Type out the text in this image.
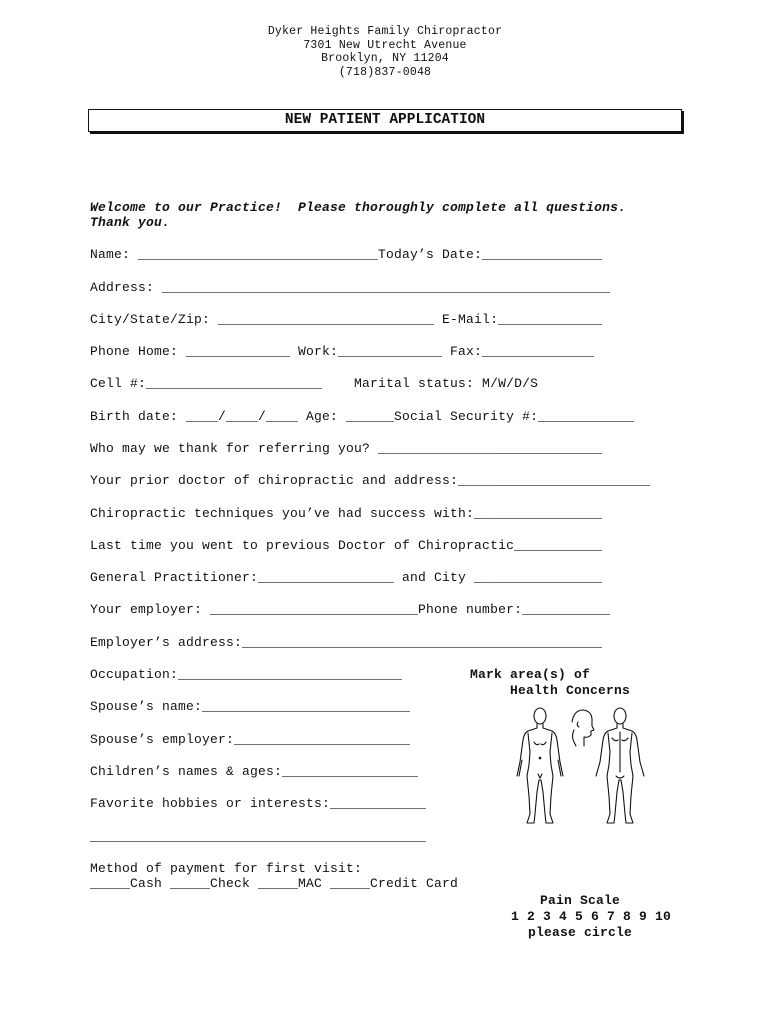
Dyker Heights Family Chiropractor
7301 New Utrecht Avenue
Brooklyn, NY 11204
(718)837-0048
NEW PATIENT APPLICATION
Welcome to our Practice!  Please thoroughly complete all questions.
Thank you.
Name: ______________________________Today’s Date:_______________
Address: ________________________________________________________
City/State/Zip: ___________________________ E-Mail:_____________
Phone Home: _____________ Work:_____________ Fax:______________
Cell #:______________________    Marital status: M/W/D/S
Birth date: ____/____/____ Age: ______Social Security #:____________
Who may we thank for referring you? ____________________________
Your prior doctor of chiropractic and address:________________________
Chiropractic techniques you’ve had success with:________________
Last time you went to previous Doctor of Chiropractic___________
General Practitioner:_________________ and City ________________
Your employer: __________________________Phone number:___________
Employer’s address:_____________________________________________
Occupation:____________________________
Spouse’s name:__________________________
Spouse’s employer:______________________
Children’s names & ages:_________________
Favorite hobbies or interests:____________
__________________________________________
Method of payment for first visit:
_____Cash _____Check _____MAC _____Credit Card
Mark area(s) of
Health Concerns
Pain Scale
1 2 3 4 5 6 7 8 9 10
please circle
